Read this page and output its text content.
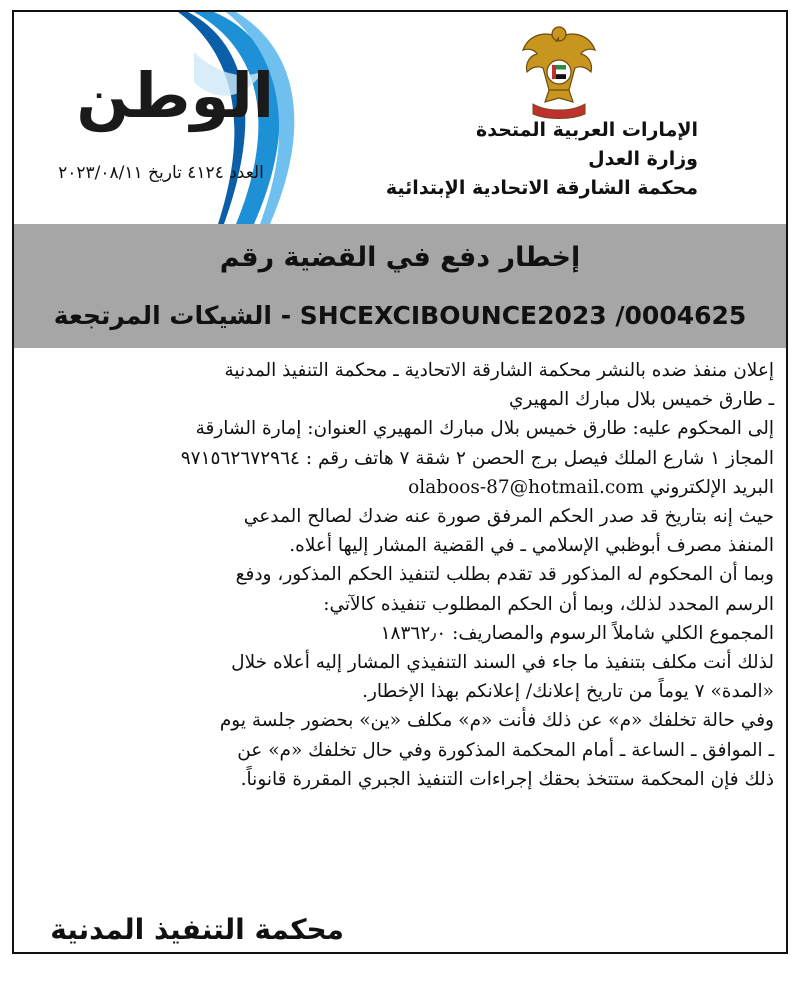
الإمارات العربية المتحدة
وزارة العدل
محكمة الشارقة الاتحادية الإبتدائية
الوطن
العدد ٤١٢٤ تاريخ ٢٠٢٣/٠٨/١١
إخطار دفع في القضية رقم
SHCEXCIBOUNCE2023 /0004625 - الشيكات المرتجعة
إعلان منفذ ضده بالنشر محكمة الشارقة الاتحادية ـ محكمة التنفيذ المدنية
ـ طارق خميس بلال مبارك المهيري
إلى المحكوم عليه: طارق خميس بلال مبارك المهيري العنوان: إمارة الشارقة
المجاز ١ شارع الملك فيصل برج الحصن ٢ شقة ٧ هاتف رقم : ٩٧١٥٦٢٦٧٢٩٦٤
البريد الإلكتروني olaboos-87@hotmail.com
حيث إنه بتاريخ قد صدر الحكم المرفق صورة عنه ضدك لصالح المدعي
المنفذ مصرف أبوظبي الإسلامي ـ في القضية المشار إليها أعلاه.
وبما أن المحكوم له المذكور قد تقدم بطلب لتنفيذ الحكم المذكور، ودفع
الرسم المحدد لذلك، وبما أن الحكم المطلوب تنفيذه كالآتي:
المجموع الكلي شاملاً الرسوم والمصاريف: ١٨٣٦٢٫٠
لذلك أنت مكلف بتنفيذ ما جاء في السند التنفيذي المشار إليه أعلاه خلال
«المدة» ٧ يوماً من تاريخ إعلانك/ إعلانكم بهذا الإخطار.
وفي حالة تخلفك «م» عن ذلك فأنت «م» مكلف «ين» بحضور جلسة يوم
ـ الموافق ـ الساعة ـ أمام المحكمة المذكورة وفي حال تخلفك «م» عن
ذلك فإن المحكمة ستتخذ بحقك إجراءات التنفيذ الجبري المقررة قانوناً.
محكمة التنفيذ المدنية
